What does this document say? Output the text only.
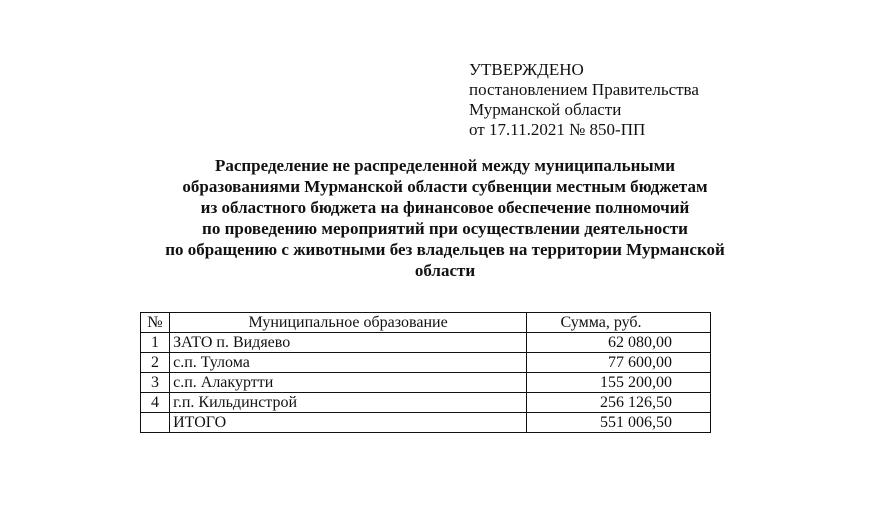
УТВЕРЖДЕНО
постановлением Правительства
Мурманской области
от 17.11.2021 № 850-ПП
Распределение не распределенной между муниципальными
образованиями Мурманской области субвенции местным бюджетам
из областного бюджета на финансовое обеспечение полномочий
по проведению мероприятий при осуществлении деятельности
по обращению с животными без владельцев на территории Мурманской
области
№	Муниципальное образование	Сумма, руб.
1	ЗАТО п. Видяево	62 080,00
2	с.п. Тулома	77 600,00
3	с.п. Алакуртти	155 200,00
4	г.п. Кильдинстрой	256 126,50
	ИТОГО	551 006,50
